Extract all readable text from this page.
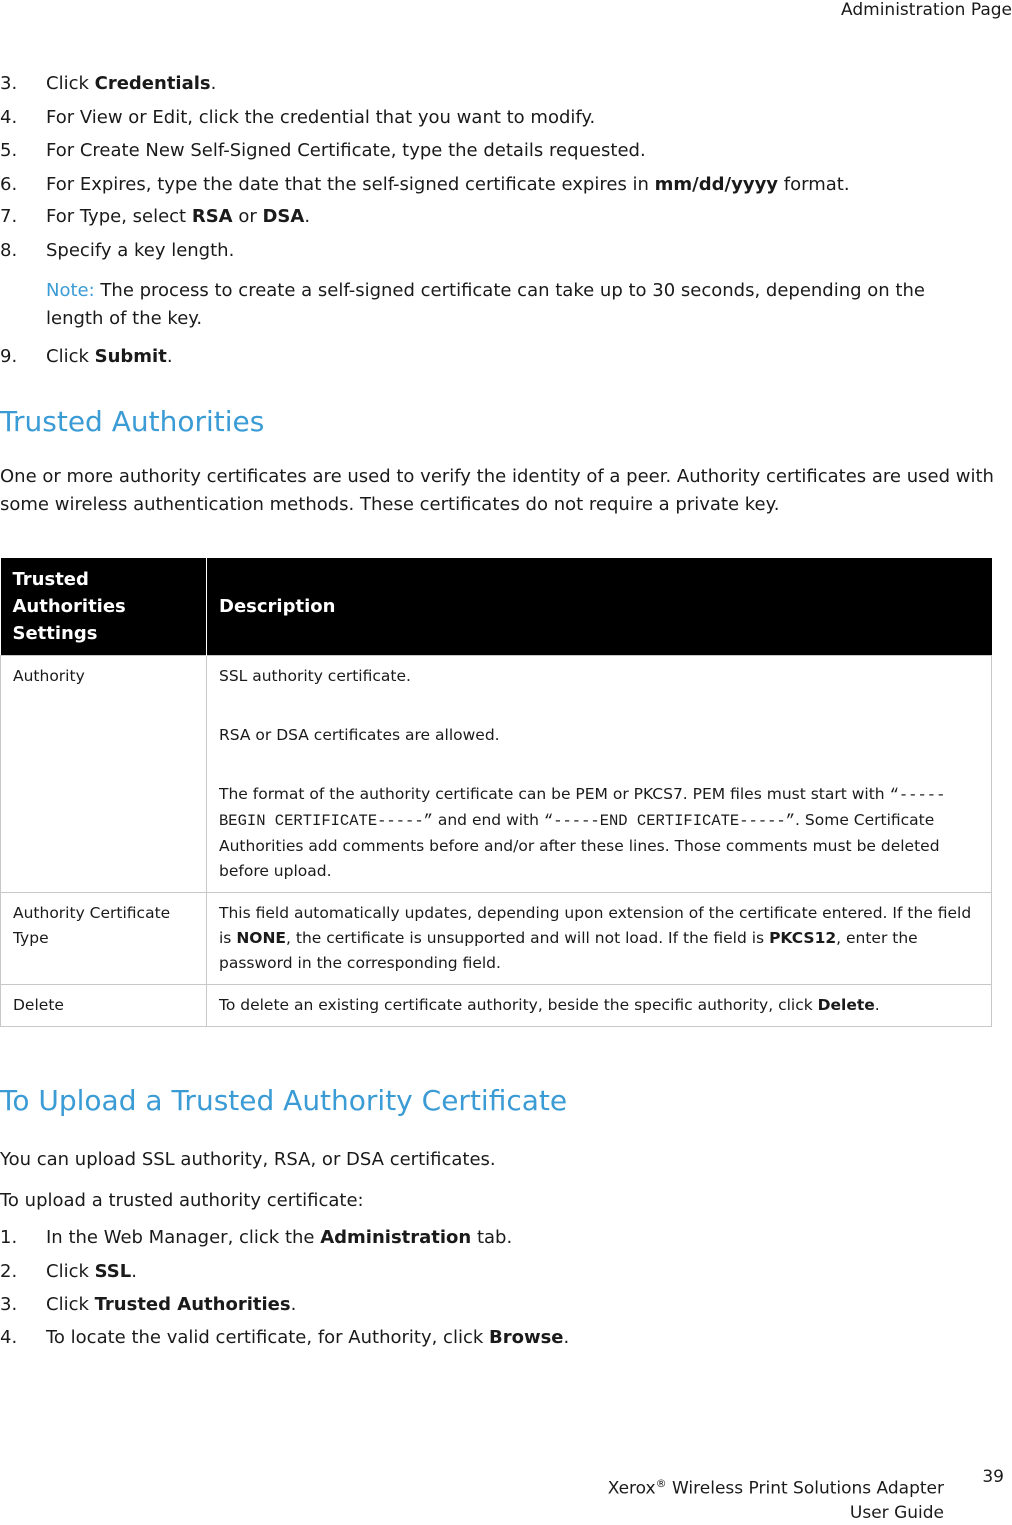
Administration Page
3. Click Credentials.
4. For View or Edit, click the credential that you want to modify.
5. For Create New Self-Signed Certificate, type the details requested.
6. For Expires, type the date that the self-signed certificate expires in mm/dd/yyyy format.
7. For Type, select RSA or DSA.
8. Specify a key length.
Note: The process to create a self-signed certificate can take up to 30 seconds, depending on the length of the key.
9. Click Submit.
Trusted Authorities
One or more authority certificates are used to verify the identity of a peer. Authority certificates are used with some wireless authentication methods. These certificates do not require a private key.
Trusted Authorities Settings	Description
Authority	SSL authority certificate.

RSA or DSA certificates are allowed.

The format of the authority certificate can be PEM or PKCS7. PEM files must start with “-----BEGIN CERTIFICATE-----” and end with “-----END CERTIFICATE-----”. Some Certificate Authorities add comments before and/or after these lines. Those comments must be deleted before upload.

Authority Certificate Type	This field automatically updates, depending upon extension of the certificate entered. If the field is NONE, the certificate is unsupported and will not load. If the field is PKCS12, enter the password in the corresponding field.
Delete	To delete an existing certificate authority, beside the specific authority, click Delete.
To Upload a Trusted Authority Certificate
You can upload SSL authority, RSA, or DSA certificates.
To upload a trusted authority certificate:
1. In the Web Manager, click the Administration tab.
2. Click SSL.
3. Click Trusted Authorities.
4. To locate the valid certificate, for Authority, click Browse.
Xerox® Wireless Print Solutions Adapter
User Guide
39
